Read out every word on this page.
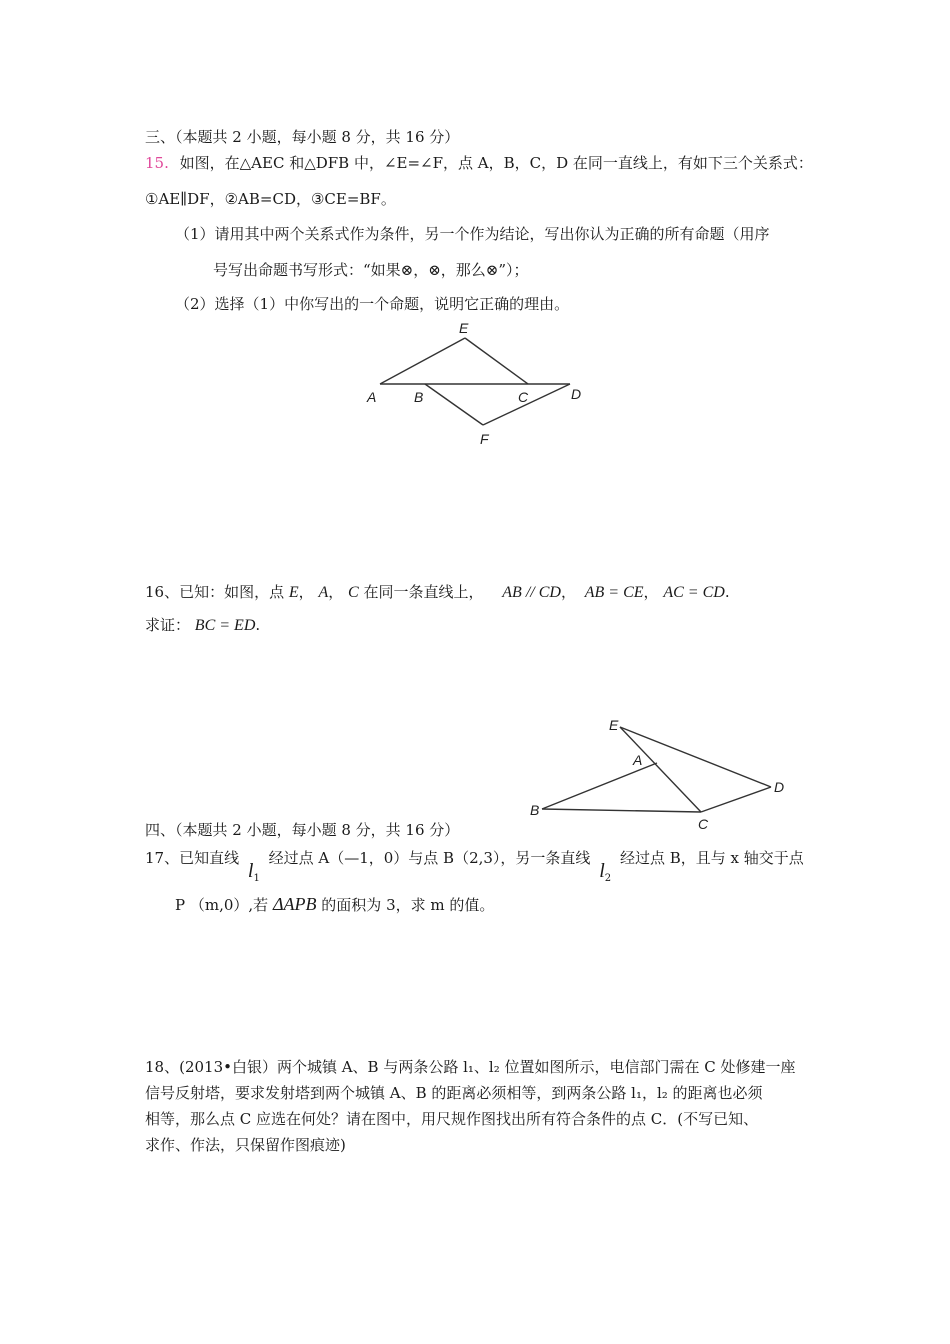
三、（本题共 2 小题，每小题 8 分，共 16 分）
15. 如图，在△AEC 和△DFB 中，∠E=∠F，点 A，B，C，D 在同一直线上，有如下三个关系式：
①AE∥DF，②AB=CD，③CE=BF。
（1）请用其中两个关系式作为条件，另一个作为结论，写出你认为正确的所有命题（用序
号写出命题书写形式：“如果⊗，⊗，那么⊗”）；
（2）选择（1）中你写出的一个命题，说明它正确的理由。
E
A	B	C	D
F
16、已知：如图，点 E， A， C 在同一条直线上， AB // CD， AB = CE， AC = CD.
求证： BC = ED.
E
A
B
C
D
四、（本题共 2 小题，每小题 8 分，共 16 分）
17、已知直线 $l_1$ 经过点 A（—1，0）与点 B（2,3），另一条直线 $l_2$ 经过点 B，且与 x 轴交于点
P （m,0）,若 ΔAPB 的面积为 3，求 m 的值。
18、(2013•白银）两个城镇 A、B 与两条公路 l₁、l₂ 位置如图所示，电信部门需在 C 处修建一座
信号反射塔，要求发射塔到两个城镇 A、B 的距离必须相等，到两条公路 l₁，l₂ 的距离也必须
相等，那么点 C 应选在何处？请在图中，用尺规作图找出所有符合条件的点 C．(不写已知、
求作、作法，只保留作图痕迹)
